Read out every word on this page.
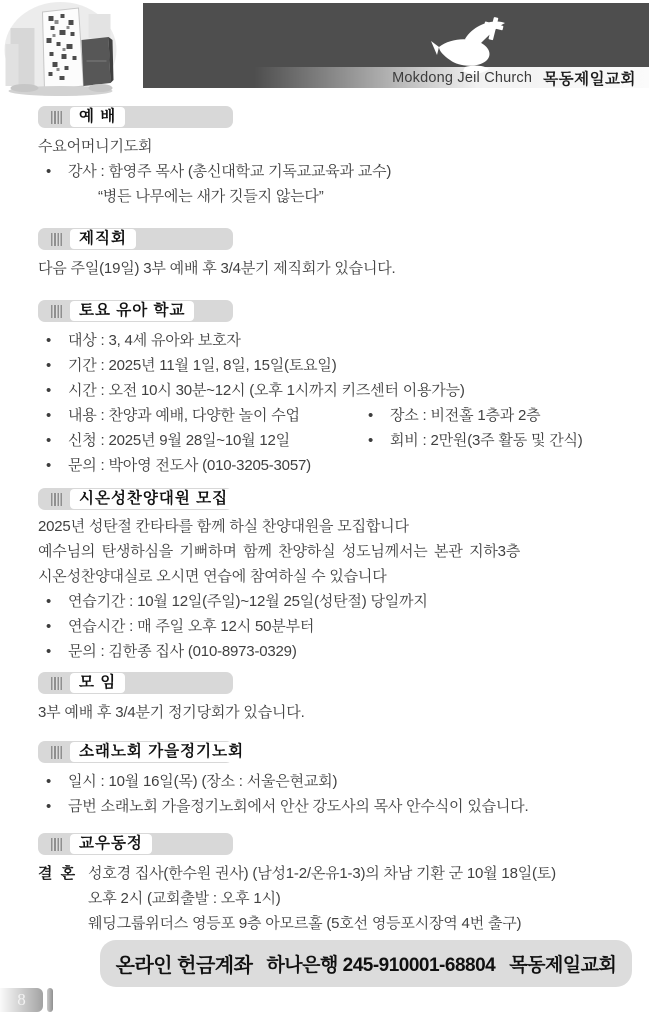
Mokdong Jeil Church 목동제일교회
예 배
수요어머니기도회
•	강사 : 함영주 목사 (총신대학교 기독교교육과 교수)
“병든 나무에는 새가 깃들지 않는다”
제직회
다음 주일(19일) 3부 예배 후 3/4분기 제직회가 있습니다.
토요 유아 학교
•	대상 : 3, 4세 유아와 보호자
•	기간 : 2025년 11월 1일, 8일, 15일(토요일)
•	시간 : 오전 10시 30분~12시 (오후 1시까지 키즈센터 이용가능)
•	내용 : 찬양과 예배, 다양한 놀이 수업	•	장소 : 비전홀 1층과 2층
•	신청 : 2025년 9월 28일~10월 12일	•	회비 : 2만원(3주 활동 및 간식)
•	문의 : 박아영 전도사 (010-3205-3057)
시온성찬양대원 모집
2025년 성탄절 칸타타를 함께 하실 찬양대원을 모집합니다
예수님의 탄생하심을 기뻐하며 함께 찬양하실 성도님께서는 본관 지하3층
시온성찬양대실로 오시면 연습에 참여하실 수 있습니다
•	연습기간 : 10월 12일(주일)~12월 25일(성탄절) 당일까지
•	연습시간 : 매 주일 오후 12시 50분부터
•	문의 : 김한종 집사 (010-8973-0329)
모 임
3부 예배 후 3/4분기 정기당회가 있습니다.
소래노회 가을정기노회
•	일시 : 10월 16일(목) (장소 : 서울은현교회)
•	금번 소래노회 가을정기노회에서 안산 강도사의 목사 안수식이 있습니다.
교우동정
결 혼 성호경 집사(한수원 권사) (남성1-2/온유1-3)의 차남 기환 군 10월 18일(토)
오후 2시 (교회출발 : 오후 1시)
웨딩그룹위더스 영등포 9층 아모르홀 (5호선 영등포시장역 4번 출구)
온라인 헌금계좌 하나은행 245-910001-68804 목동제일교회
8
